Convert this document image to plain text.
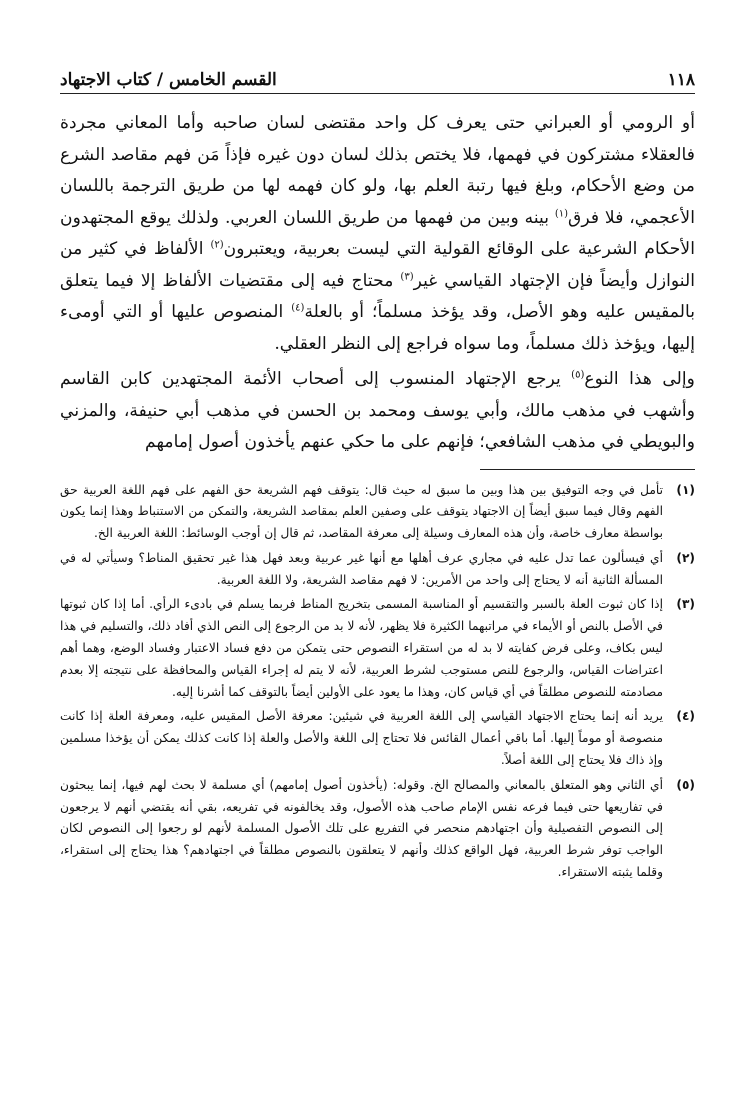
١١٨
القسم الخامس / كتاب الاجتهاد

أو الرومي أو العبراني حتى يعرف كل واحد مقتضى لسان صاحبه وأما المعاني مجردة فالعقلاء مشتركون في فهمها، فلا يختص بذلك لسان دون غيره فإذاً مَن فهم مقاصد الشرع من وضع الأحكام، وبلغ فيها رتبة العلم بها، ولو كان فهمه لها من طريق الترجمة باللسان الأعجمي، فلا فرق$^{(١)}$ بينه وبين من فهمها من طريق اللسان العربي. ولذلك يوقع المجتهدون الأحكام الشرعية على الوقائع القولية التي ليست بعربية، ويعتبرون$^{(٢)}$ الألفاظ في كثير من النوازل وأيضاً فإن الإجتهاد القياسي غير$^{(٣)}$ محتاج فيه إلى مقتضيات الألفاظ إلا فيما يتعلق بالمقيس عليه وهو الأصل، وقد يؤخذ مسلماً؛ أو بالعلة$^{(٤)}$ المنصوص عليها أو التي أومىء إليها، ويؤخذ ذلك مسلماً، وما سواه فراجع إلى النظر العقلي.

وإلى هذا النوع$^{(٥)}$ يرجع الإجتهاد المنسوب إلى أصحاب الأئمة المجتهدين كابن القاسم وأشهب في مذهب مالك، وأبي يوسف ومحمد بن الحسن في مذهب أبي حنيفة، والمزني والبويطي في مذهب الشافعي؛ فإنهم على ما حكي عنهم يأخذون أصول إمامهم

(١)
تأمل في وجه التوفيق بين هذا وبين ما سبق له حيث قال: يتوقف فهم الشريعة حق الفهم على فهم اللغة العربية حق الفهم وقال فيما سبق أيضاً إن الاجتهاد يتوقف على وصفين العلم بمقاصد الشريعة، والتمكن من الاستنباط وهذا إنما يكون بواسطة معارف خاصة، وأن هذه المعارف وسيلة إلى معرفة المقاصد، ثم قال إن أوجب الوسائط: اللغة العربية الخ.
(٢)
أي فيسألون عما تدل عليه في مجاري عرف أهلها مع أنها غير عربية وبعد فهل هذا غير تحقيق المناط؟ وسيأتي له في المسألة الثانية أنه لا يحتاج إلى واحد من الأمرين: لا فهم مقاصد الشريعة، ولا اللغة العربية.
(٣)
إذا كان ثبوت العلة بالسبر والتقسيم أو المناسبة المسمى بتخريج المناط فربما يسلم في بادىء الرأي. أما إذا كان ثبوتها في الأصل بالنص أو الأيماء في مراتبهما الكثيرة فلا يظهر، لأنه لا بد من الرجوع إلى النص الذي أفاد ذلك، والتسليم في هذا ليس بكاف، وعلى فرض كفايته لا بد له من استقراء النصوص حتى يتمكن من دفع فساد الاعتبار وفساد الوضع، وهما أهم اعتراضات القياس، والرجوع للنص مستوجب لشرط العربية، لأنه لا يتم له إجراء القياس والمحافظة على نتيجته إلا بعدم مصادمته للنصوص مطلقاً في أي قياس كان، وهذا ما يعود على الأولين أيضاً بالتوقف كما أشرنا إليه.
(٤)
يريد أنه إنما يحتاج الاجتهاد القياسي إلى اللغة العربية في شيئين: معرفة الأصل المقيس عليه، ومعرفة العلة إذا كانت منصوصة أو موماً إليها. أما باقي أعمال القائس فلا تحتاج إلى اللغة والأصل والعلة إذا كانت كذلك يمكن أن يؤخذا مسلمين وإذ ذاك فلا يحتاج إلى اللغة أصلاً.
(٥)
أي الثاني وهو المتعلق بالمعاني والمصالح الخ. وقوله: (يأخذون أصول إمامهم) أي مسلمة لا بحث لهم فيها، إنما يبحثون في تفاريعها حتى فيما فرعه نفس الإمام صاحب هذه الأصول، وقد يخالفونه في تفريعه، بقي أنه يقتضي أنهم لا يرجعون إلى النصوص التفصيلية وأن اجتهادهم منحصر في التفريع على تلك الأصول المسلمة لأنهم لو رجعوا إلى النصوص لكان الواجب توفر شرط العربية، فهل الواقع كذلك وأنهم لا يتعلقون بالنصوص مطلقاً في اجتهادهم؟ هذا يحتاج إلى استقراء، وقلما يثبته الاستقراء.
